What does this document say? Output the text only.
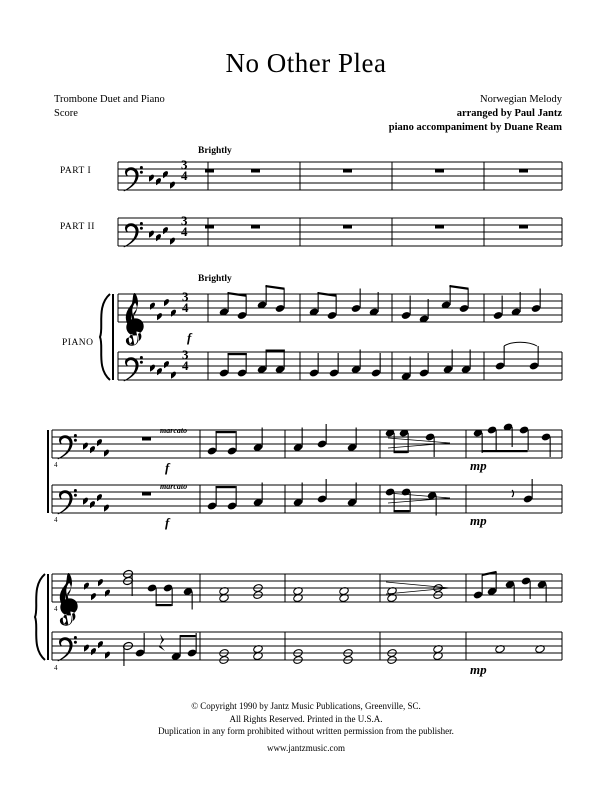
No Other Plea
Trombone Duet and Piano
Score
Norwegian Melody
arranged by Paul Jantz
piano accompaniment by Duane Ream
PART I
PART II
PIANO
Brightly
Brightly
3
4
3
4
3
4
3
4
f
marcato
marcato
f
f
mp
mp
4
4
mp
4
4
© Copyright 1990 by Jantz Music Publications, Greenville, SC.
All Rights Reserved. Printed in the U.S.A.
Duplication in any form prohibited without written permission from the publisher.
www.jantzmusic.com
